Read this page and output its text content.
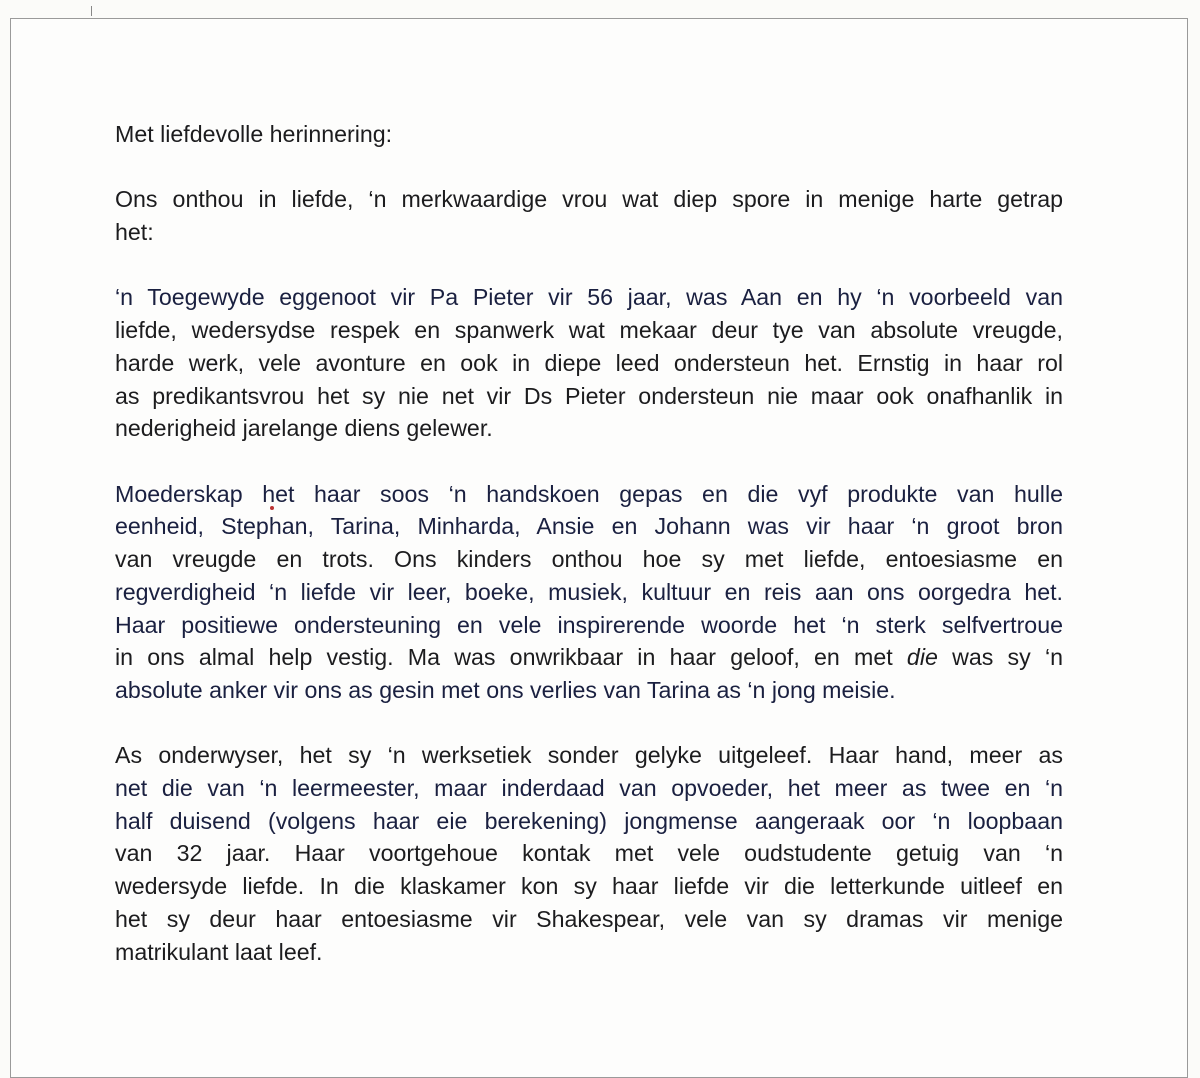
Met liefdevolle herinnering:

Ons onthou in liefde, ‘n merkwaardige vrou wat diep spore in menige harte getrap
het:

‘n Toegewyde eggenoot vir Pa Pieter vir 56 jaar, was Aan en hy ‘n voorbeeld van
liefde, wedersydse respek en spanwerk wat mekaar deur tye van absolute vreugde,
harde werk, vele avonture en ook in diepe leed ondersteun het. Ernstig in haar rol
as predikantsvrou het sy nie net vir Ds Pieter ondersteun nie maar ook onafhanlik in
nederigheid jarelange diens gelewer.

Moederskap het haar soos ‘n handskoen gepas en die vyf produkte van hulle
eenheid, Stephan, Tarina, Minharda, Ansie en Johann was vir haar ‘n groot bron
van vreugde en trots. Ons kinders onthou hoe sy met liefde, entoesiasme en
regverdigheid ‘n liefde vir leer, boeke, musiek, kultuur en reis aan ons oorgedra het.
Haar positiewe ondersteuning en vele inspirerende woorde het ‘n sterk selfvertroue
in ons almal help vestig. Ma was onwrikbaar in haar geloof, en met die was sy ‘n
absolute anker vir ons as gesin met ons verlies van Tarina as ‘n jong meisie.

As onderwyser, het sy ‘n werksetiek sonder gelyke uitgeleef. Haar hand, meer as
net die van ‘n leermeester, maar inderdaad van opvoeder, het meer as twee en ‘n
half duisend (volgens haar eie berekening) jongmense aangeraak oor ‘n loopbaan
van 32 jaar. Haar voortgehoue kontak met vele oudstudente getuig van ‘n
wedersyde liefde. In die klaskamer kon sy haar liefde vir die letterkunde uitleef en
het sy deur haar entoesiasme vir Shakespear, vele van sy dramas vir menige
matrikulant laat leef.
